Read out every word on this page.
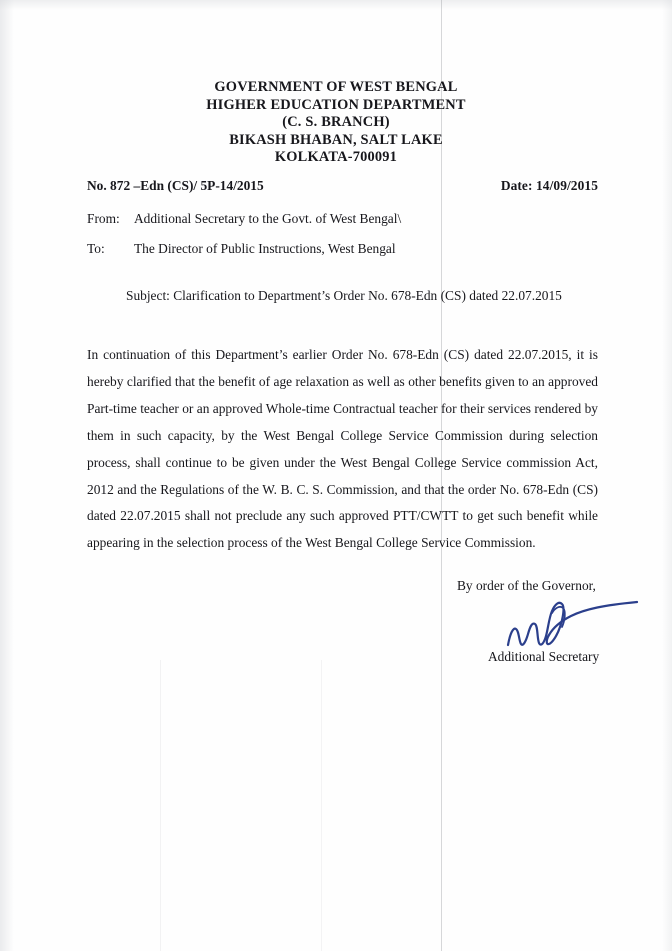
GOVERNMENT OF WEST BENGAL
HIGHER EDUCATION DEPARTMENT
(C. S. BRANCH)
BIKASH BHABAN, SALT LAKE
KOLKATA-700091
No. 872 –Edn (CS)/ 5P-14/2015	Date: 14/09/2015
From: Additional Secretary to the Govt. of West Bengal\
To: The Director of Public Instructions, West Bengal
Subject: Clarification to Department’s Order No. 678-Edn (CS) dated 22.07.2015
In continuation of this Department’s earlier Order No. 678-Edn (CS) dated 22.07.2015, it is hereby clarified that the benefit of age relaxation as well as other benefits given to an approved Part-time teacher or an approved Whole-time Contractual teacher for their services rendered by them in such capacity, by the West Bengal College Service Commission during selection process, shall continue to be given under the West Bengal College Service commission Act, 2012 and the Regulations of the W. B. C. S. Commission, and that the order No. 678-Edn (CS) dated 22.07.2015 shall not preclude any such approved PTT/CWTT to get such benefit while appearing in the selection process of the West Bengal College Service Commission.
By order of the Governor,
Additional Secretary
